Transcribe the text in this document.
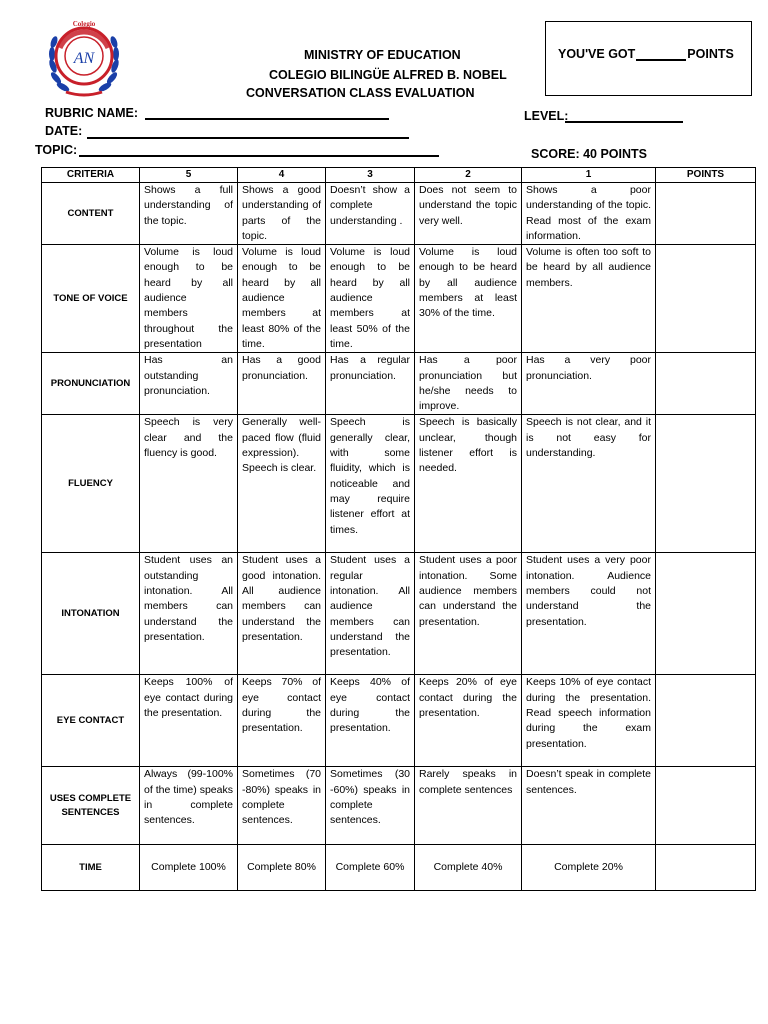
Colegio
AN	MINISTRY OF EDUCATION
COLEGIO BILINGÜE ALFRED B. NOBEL
CONVERSATION CLASS EVALUATION
YOU'VE GOT	POINTS
RUBRIC NAME:
DATE:
TOPIC:
LEVEL:
SCORE: 40 POINTS
CRITERIA	5	4	3	2	1	POINTS
CONTENT	Shows a full understanding of the topic.	Shows a good understanding of parts of the topic.	Doesn’t show a complete understanding .	Does not seem to understand the topic very well.	Shows a poor understanding of the topic. Read most of the exam information.	
TONE OF VOICE	Volume is loud enough to be heard by all audience members throughout the presentation	Volume is loud enough to be heard by all audience members at least 80% of the time.	Volume is loud enough to be heard by all audience members at least 50% of the time.	Volume is loud enough to be heard by all audience members at least 30% of the time.	Volume is often too soft to be heard by all audience members.	
PRONUNCIATION	Has an outstanding pronunciation.	Has a good pronunciation.	Has a regular pronunciation.	Has a poor pronunciation but he/she needs to improve.	Has a very poor pronunciation.	
FLUENCY	Speech is very clear and the fluency is good.	Generally well-paced flow (fluid expression). Speech is clear.	Speech is generally clear, with some fluidity, which is noticeable and may require listener effort at times.	Speech is basically unclear, though listener effort is needed.	Speech is not clear, and it is not easy for understanding.	
INTONATION	Student uses an outstanding intonation. All members can understand the presentation.	Student uses a good intonation. All audience members can understand the presentation.	Student uses a regular intonation. All audience members can understand the presentation.	Student uses a poor intonation. Some audience members can understand the presentation.	Student uses a very poor intonation. Audience members could not understand the presentation.	
EYE CONTACT	Keeps 100% of eye contact during the presentation.	Keeps 70% of eye contact during the presentation.	Keeps 40% of eye contact during the presentation.	Keeps 20% of eye contact during the presentation.	Keeps 10% of eye contact during the presentation. Read speech information during the exam presentation.	
USES COMPLETE SENTENCES	Always (99-100% of the time) speaks in complete sentences.	Sometimes (70 -80%) speaks in complete sentences.	Sometimes (30 -60%) speaks in complete sentences.	Rarely speaks in complete sentences	Doesn’t speak in complete sentences.	
TIME	Complete 100%	Complete 80%	Complete 60%	Complete 40%	Complete 20%	
